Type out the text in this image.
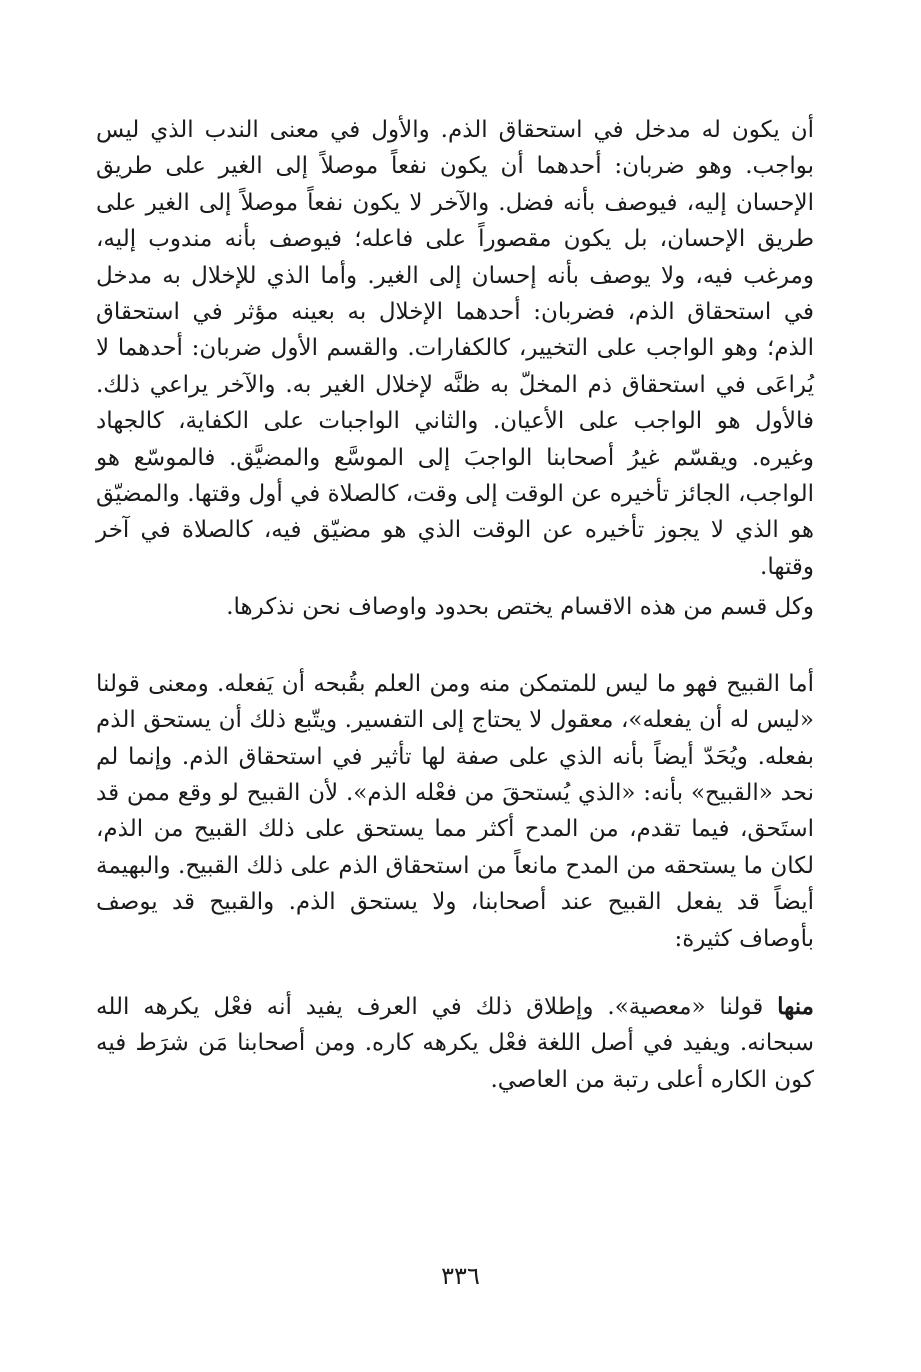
أن يكون له مدخل في استحقاق الذم. والأول في معنى الندب الذي ليس بواجب. وهو ضربان: أحدهما أن يكون نفعاً موصلاً إلى الغير على طريق الإحسان إليه، فيوصف بأنه فضل. والآخر لا يكون نفعاً موصلاً إلى الغير على طريق الإحسان، بل يكون مقصوراً على فاعله؛ فيوصف بأنه مندوب إليه، ومرغب فيه، ولا يوصف بأنه إحسان إلى الغير. وأما الذي للإخلال به مدخل في استحقاق الذم، فضربان: أحدهما الإخلال به بعينه مؤثر في استحقاق الذم؛ وهو الواجب على التخيير، كالكفارات. والقسم الأول ضربان: أحدهما لا يُراعَى في استحقاق ذم المخلّ به ظنَّه لإخلال الغير به. والآخر يراعي ذلك. فالأول هو الواجب على الأعيان. والثاني الواجبات على الكفاية، كالجهاد وغيره. ويقسّم غيرُ أصحابنا الواجبَ إلى الموسَّع والمضيَّق. فالموسّع هو الواجب، الجائز تأخيره عن الوقت إلى وقت، كالصلاة في أول وقتها. والمضيّق هو الذي لا يجوز تأخيره عن الوقت الذي هو مضيّق فيه، كالصلاة في آخر وقتها.

وكل قسم من هذه الاقسام يختص بحدود واوصاف نحن نذكرها.

أما القبيح فهو ما ليس للمتمكن منه ومن العلم بقُبحه أن يَفعله. ومعنى قولنا «ليس له أن يفعله»، معقول لا يحتاج إلى التفسير. ويتّبع ذلك أن يستحق الذم بفعله. ويُحَدّ أيضاً بأنه الذي على صفة لها تأثير في استحقاق الذم. وإنما لم نحد «القبيح» بأنه: «الذي يُستحقَ من فعْله الذم». لأن القبيح لو وقع ممن قد استَحق، فيما تقدم، من المدح أكثر مما يستحق على ذلك القبيح من الذم، لكان ما يستحقه من المدح مانعاً من استحقاق الذم على ذلك القبيح. والبهيمة أيضاً قد يفعل القبيح عند أصحابنا، ولا يستحق الذم. والقبيح قد يوصف بأوصاف كثيرة:

منها قولنا «معصية». وإطلاق ذلك في العرف يفيد أنه فعْل يكرهه الله سبحانه. ويفيد في أصل اللغة فعْل يكرهه كاره. ومن أصحابنا مَن شرَط فيه كون الكاره أعلى رتبة من العاصي.

٣٣٦
